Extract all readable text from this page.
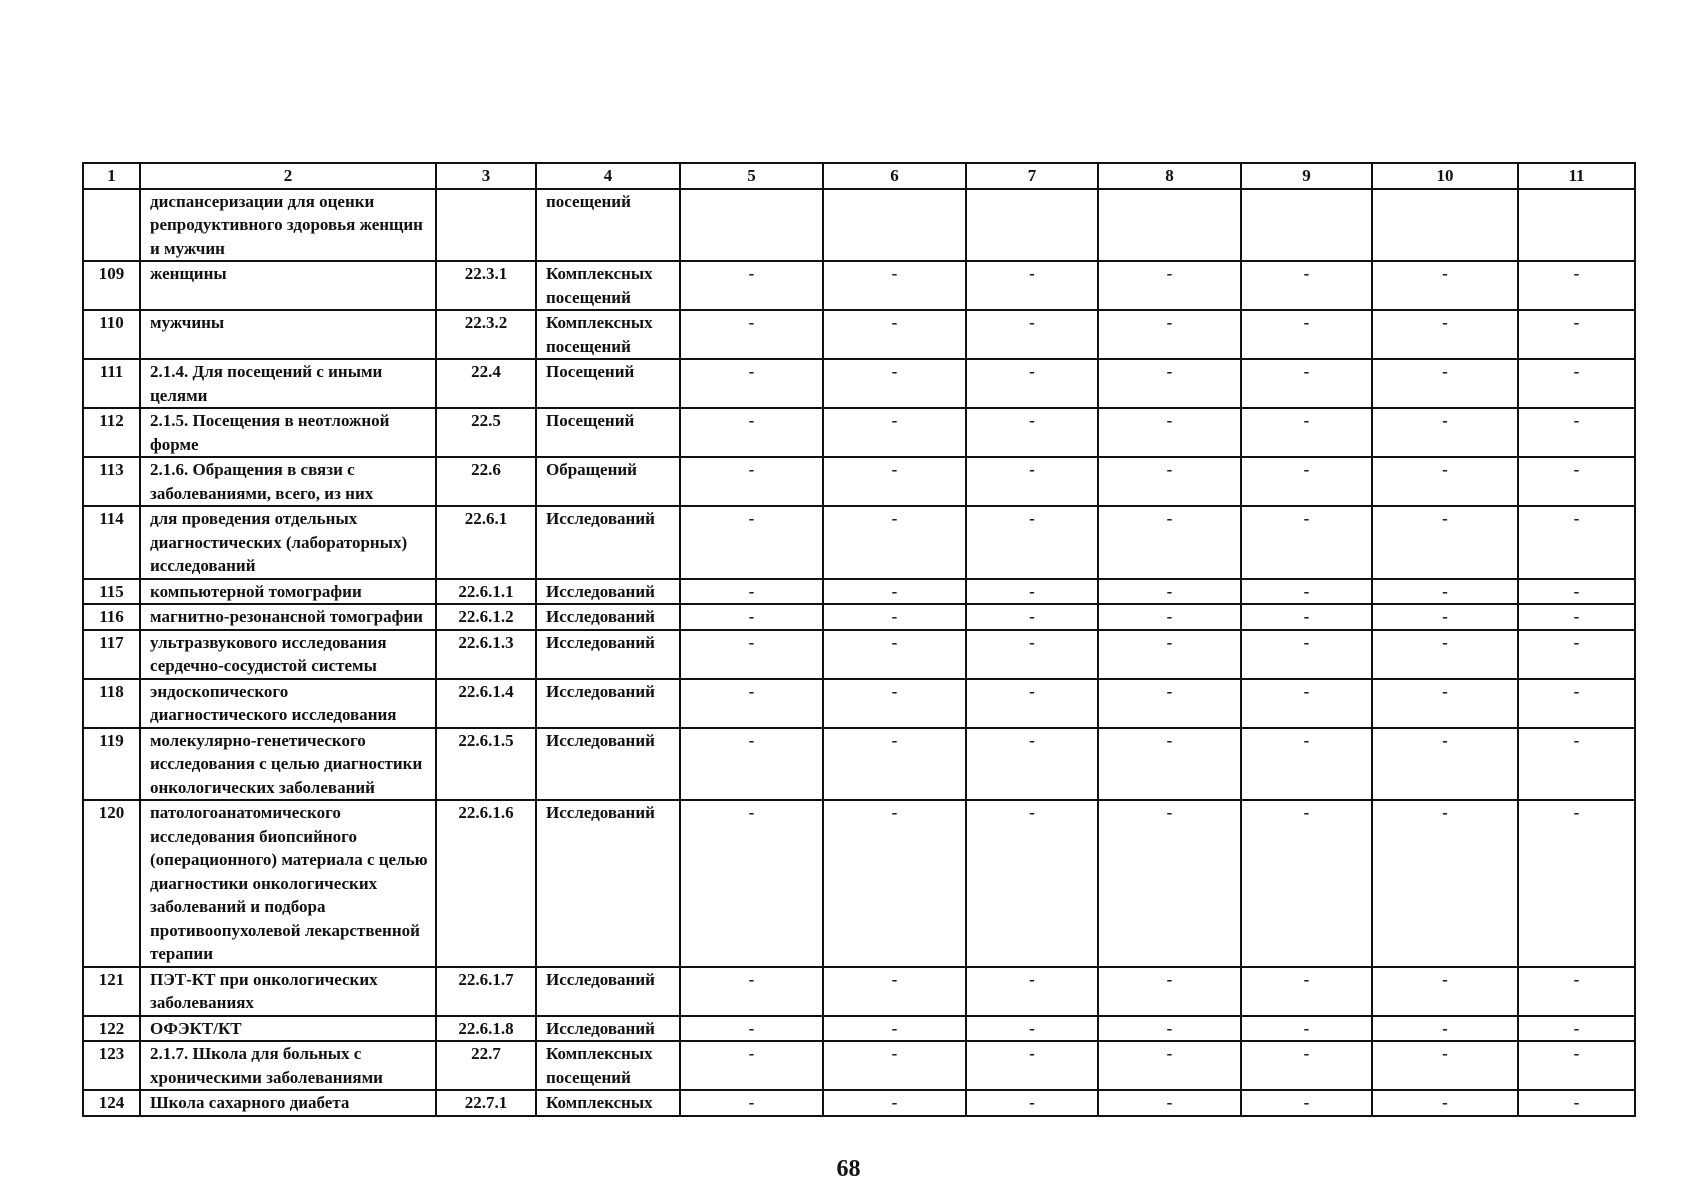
1	2	3	4	5	6	7	8	9	10	11
	диспансеризации для оценки репродуктивного здоровья женщин и мужчин		посещений							
109	женщины	22.3.1	Комплексных посещений	-	-	-	-	-	-	-
110	мужчины	22.3.2	Комплексных посещений	-	-	-	-	-	-	-
111	2.1.4. Для посещений с иными целями	22.4	Посещений	-	-	-	-	-	-	-
112	2.1.5. Посещения в неотложной форме	22.5	Посещений	-	-	-	-	-	-	-
113	2.1.6. Обращения в связи с заболеваниями, всего, из них	22.6	Обращений	-	-	-	-	-	-	-
114	для проведения отдельных диагностических (лабораторных) исследований	22.6.1	Исследований	-	-	-	-	-	-	-
115	компьютерной томографии	22.6.1.1	Исследований	-	-	-	-	-	-	-
116	магнитно-резонансной томографии	22.6.1.2	Исследований	-	-	-	-	-	-	-
117	ультразвукового исследования сердечно-сосудистой системы	22.6.1.3	Исследований	-	-	-	-	-	-	-
118	эндоскопического диагностического исследования	22.6.1.4	Исследований	-	-	-	-	-	-	-
119	молекулярно-генетического исследования с целью диагностики онкологических заболеваний	22.6.1.5	Исследований	-	-	-	-	-	-	-
120	патологоанатомического исследования биопсийного (операционного) материала с целью диагностики онкологических заболеваний и подбора противоопухолевой лекарственной терапии	22.6.1.6	Исследований	-	-	-	-	-	-	-
121	ПЭТ-КТ при онкологических заболеваниях	22.6.1.7	Исследований	-	-	-	-	-	-	-
122	ОФЭКТ/КТ	22.6.1.8	Исследований	-	-	-	-	-	-	-
123	2.1.7. Школа для больных с хроническими заболеваниями	22.7	Комплексных посещений	-	-	-	-	-	-	-
124	Школа сахарного диабета	22.7.1	Комплексных	-	-	-	-	-	-	-
68
